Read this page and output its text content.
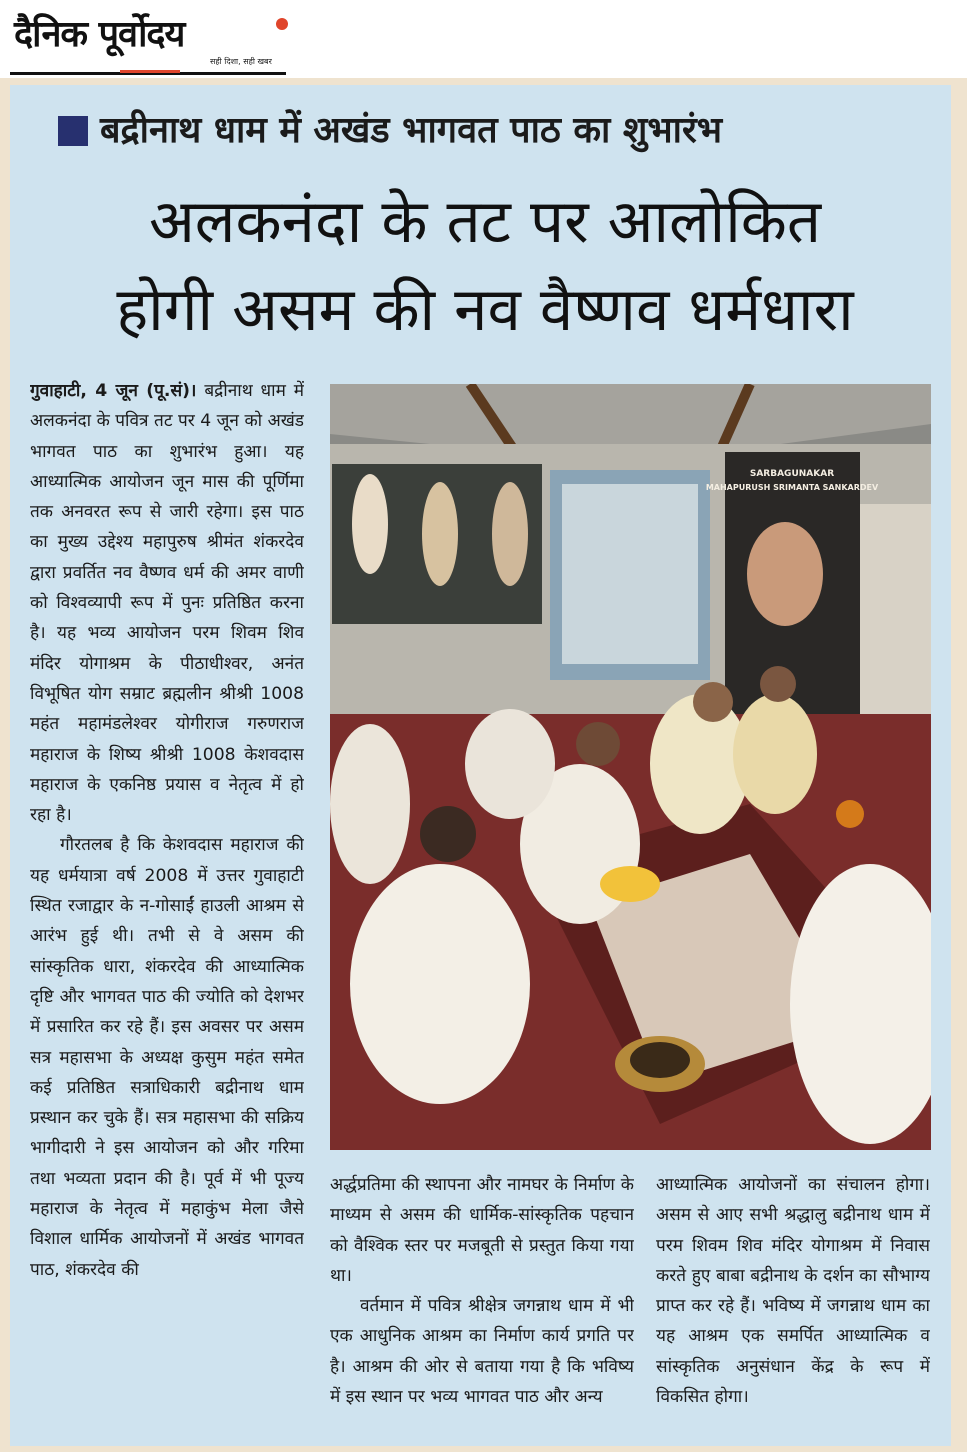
दैनिक पूर्वोदय
सही दिशा, सही खबर
बद्रीनाथ धाम में अखंड भागवत पाठ का शुभारंभ
अलकनंदा के तट पर आलोकित
होगी असम की नव वैष्णव धर्मधारा

गुवाहाटी, 4 जून (पू.सं)। बद्रीनाथ धाम में अलकनंदा के पवित्र तट पर 4 जून को अखंड भागवत पाठ का शुभारंभ हुआ। यह आध्यात्मिक आयोजन जून मास की पूर्णिमा तक अनवरत रूप से जारी रहेगा। इस पाठ का मुख्य उद्देश्य महापुरुष श्रीमंत शंकरदेव द्वारा प्रवर्तित नव वैष्णव धर्म की अमर वाणी को विश्वव्यापी रूप में पुनः प्रतिष्ठित करना है। यह भव्य आयोजन परम शिवम शिव मंदिर योगाश्रम के पीठाधीश्वर, अनंत विभूषित योग सम्राट ब्रह्मलीन श्रीश्री 1008 महंत महामंडलेश्वर योगीराज गरुणराज महाराज के शिष्य श्रीश्री 1008 केशवदास महाराज के एकनिष्ठ प्रयास व नेतृत्व में हो रहा है।

गौरतलब है कि केशवदास महाराज की यह धर्मयात्रा वर्ष 2008 में उत्तर गुवाहाटी स्थित रजाद्वार के न-गोसाईं हाउली आश्रम से आरंभ हुई थी। तभी से वे असम की सांस्कृतिक धारा, शंकरदेव की आध्यात्मिक दृष्टि और भागवत पाठ की ज्योति को देशभर में प्रसारित कर रहे हैं। इस अवसर पर असम सत्र महासभा के अध्यक्ष कुसुम महंत समेत कई प्रतिष्ठित सत्राधिकारी बद्रीनाथ धाम प्रस्थान कर चुके हैं। सत्र महासभा की सक्रिय भागीदारी ने इस आयोजन को और गरिमा तथा भव्यता प्रदान की है। पूर्व में भी पूज्य महाराज के नेतृत्व में महाकुंभ मेला जैसे विशाल धार्मिक आयोजनों में अखंड भागवत पाठ, शंकरदेव की

SARBAGUNAKAR
MAHAPURUSH SRIMANTA SANKARDEV

अर्द्धप्रतिमा की स्थापना और नामघर के निर्माण के माध्यम से असम की धार्मिक-सांस्कृतिक पहचान को वैश्विक स्तर पर मजबूती से प्रस्तुत किया गया था।

वर्तमान में पवित्र श्रीक्षेत्र जगन्नाथ धाम में भी एक आधुनिक आश्रम का निर्माण कार्य प्रगति पर है। आश्रम की ओर से बताया गया है कि भविष्य में इस स्थान पर भव्य भागवत पाठ और अन्य

आध्यात्मिक आयोजनों का संचालन होगा। असम से आए सभी श्रद्धालु बद्रीनाथ धाम में परम शिवम शिव मंदिर योगाश्रम में निवास करते हुए बाबा बद्रीनाथ के दर्शन का सौभाग्य प्राप्त कर रहे हैं। भविष्य में जगन्नाथ धाम का यह आश्रम एक समर्पित आध्यात्मिक व सांस्कृतिक अनुसंधान केंद्र के रूप में विकसित होगा।
